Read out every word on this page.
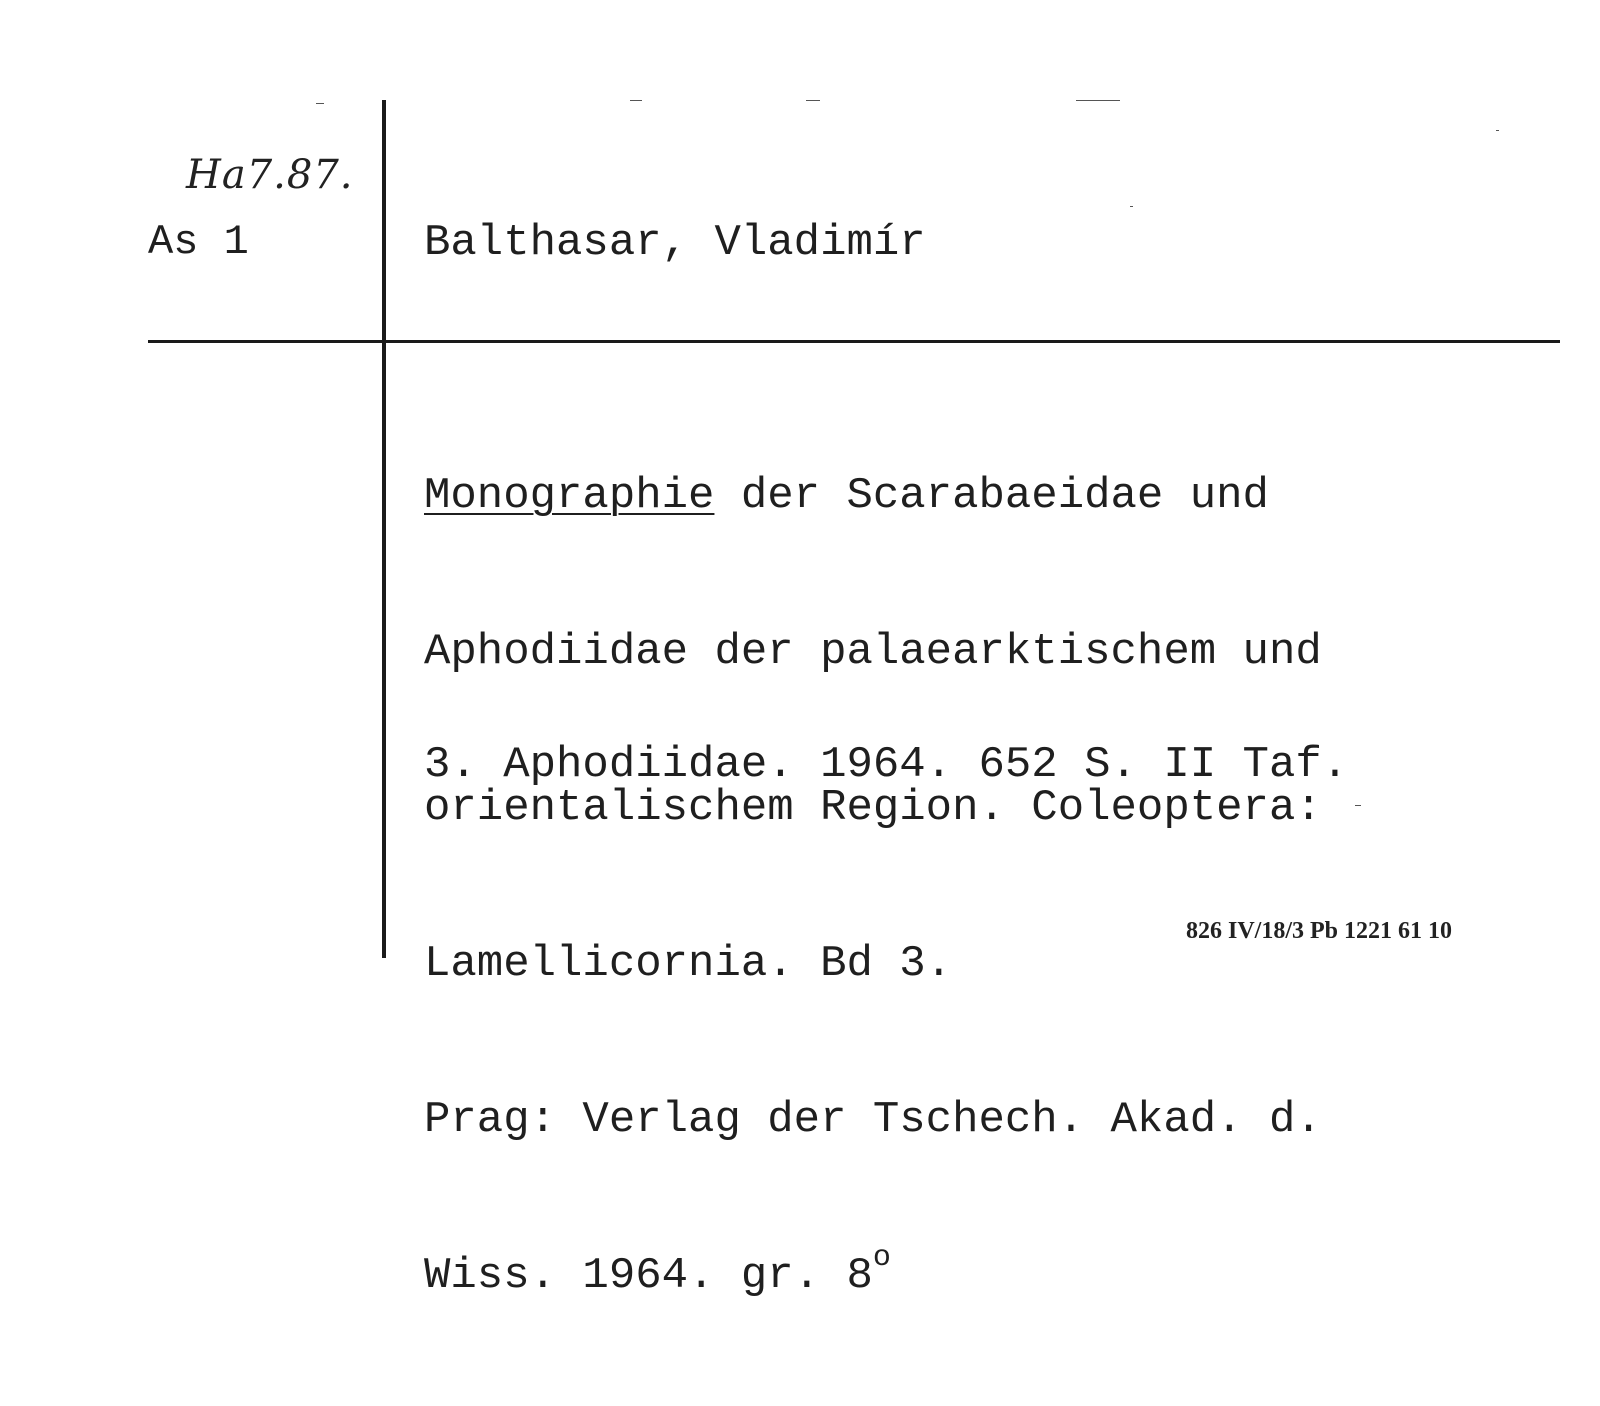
Ha7.87.
As 1	Balthasar, Vladimír

Monographie der Scarabaeidae und

Aphodiidae der palaearktischem und

orientalischem Region. Coleoptera:

Lamellicornia. Bd 3.

Prag: Verlag der Tschech. Akad. d.

Wiss. 1964. gr. 8$^o$

3. Aphodiidae. 1964. 652 S. II Taf.
826 IV/18/3 Pb 1221 61 10
